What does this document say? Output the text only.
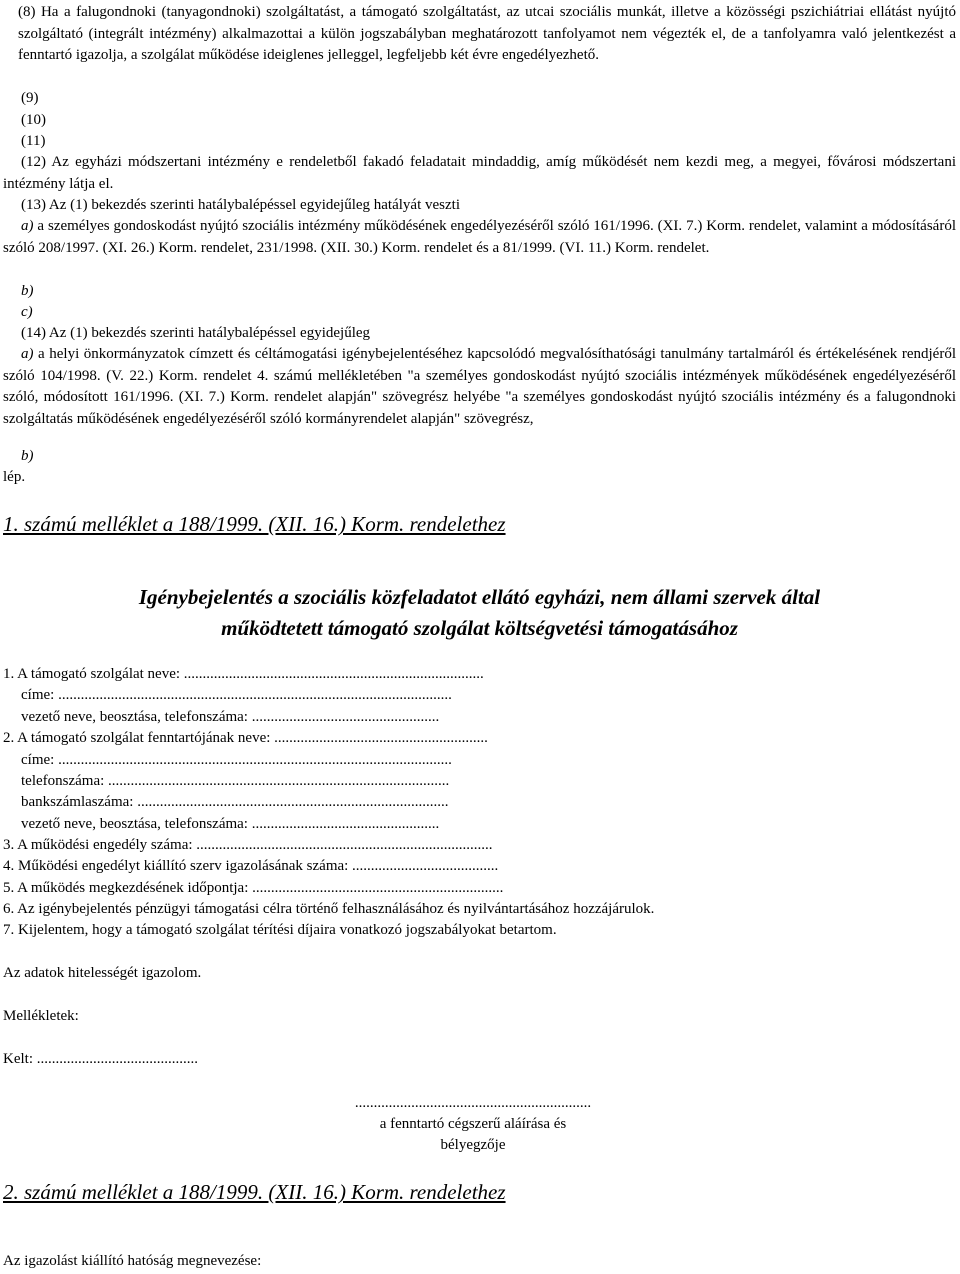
(8) Ha a falugondnoki (tanyagondnoki) szolgáltatást, a támogató szolgáltatást, az utcai szociális munkát, illetve a közösségi pszichiátriai ellátást nyújtó szolgáltató (integrált intézmény) alkalmazottai a külön jogszabályban meghatározott tanfolyamot nem végezték el, de a tanfolyamra való jelentkezést a fenntartó igazolja, a szolgálat működése ideiglenes jelleggel, legfeljebb két évre engedélyezhető.

(9)

(10)

(11)

(12) Az egyházi módszertani intézmény e rendeletből fakadó feladatait mindaddig, amíg működését nem kezdi meg, a megyei, fővárosi módszertani intézmény látja el.

(13) Az (1) bekezdés szerinti hatálybalépéssel egyidejűleg hatályát veszti

a) a személyes gondoskodást nyújtó szociális intézmény működésének engedélyezéséről szóló 161/1996. (XI. 7.) Korm. rendelet, valamint a módosításáról szóló 208/1997. (XI. 26.) Korm. rendelet, 231/1998. (XII. 30.) Korm. rendelet és a 81/1999. (VI. 11.) Korm. rendelet.

b)

c)

(14) Az (1) bekezdés szerinti hatálybalépéssel egyidejűleg

a) a helyi önkormányzatok címzett és céltámogatási igénybejelentéséhez kapcsolódó megvalósíthatósági tanulmány tartalmáról és értékelésének rendjéről szóló 104/1998. (V. 22.) Korm. rendelet 4. számú mellékletében "a személyes gondoskodást nyújtó szociális intézmények működésének engedélyezéséről szóló, módosított 161/1996. (XI. 7.) Korm. rendelet alapján" szövegrész helyébe "a személyes gondoskodást nyújtó szociális intézmény és a falugondnoki szolgáltatás működésének engedélyezéséről szóló kormányrendelet alapján" szövegrész,

b)

lép.

1. számú melléklet a 188/1999. (XII. 16.) Korm. rendelethez

Igénybejelentés a szociális közfeladatot ellátó egyházi, nem állami szervek által

működtetett támogató szolgálat költségvetési támogatásához

1. A támogató szolgálat neve: ................................................................................

címe: .........................................................................................................

vezető neve, beosztása, telefonszáma: ..................................................

2. A támogató szolgálat fenntartójának neve: .........................................................

címe: .........................................................................................................

telefonszáma: ...........................................................................................

bankszámlaszáma: ...................................................................................

vezető neve, beosztása, telefonszáma: ..................................................

3. A működési engedély száma: ...............................................................................

4. Működési engedélyt kiállító szerv igazolásának száma: .......................................

5. A működés megkezdésének időpontja: ...................................................................

6. Az igénybejelentés pénzügyi támogatási célra történő felhasználásához és nyilvántartásához hozzájárulok.

7. Kijelentem, hogy a támogató szolgálat térítési díjaira vonatkozó jogszabályokat betartom.

Az adatok hitelességét igazolom.

Mellékletek:

Kelt: ...........................................

...............................................................

a fenntartó cégszerű aláírása és

bélyegzője

2. számú melléklet a 188/1999. (XII. 16.) Korm. rendelethez

Az igazolást kiállító hatóság megnevezése:
